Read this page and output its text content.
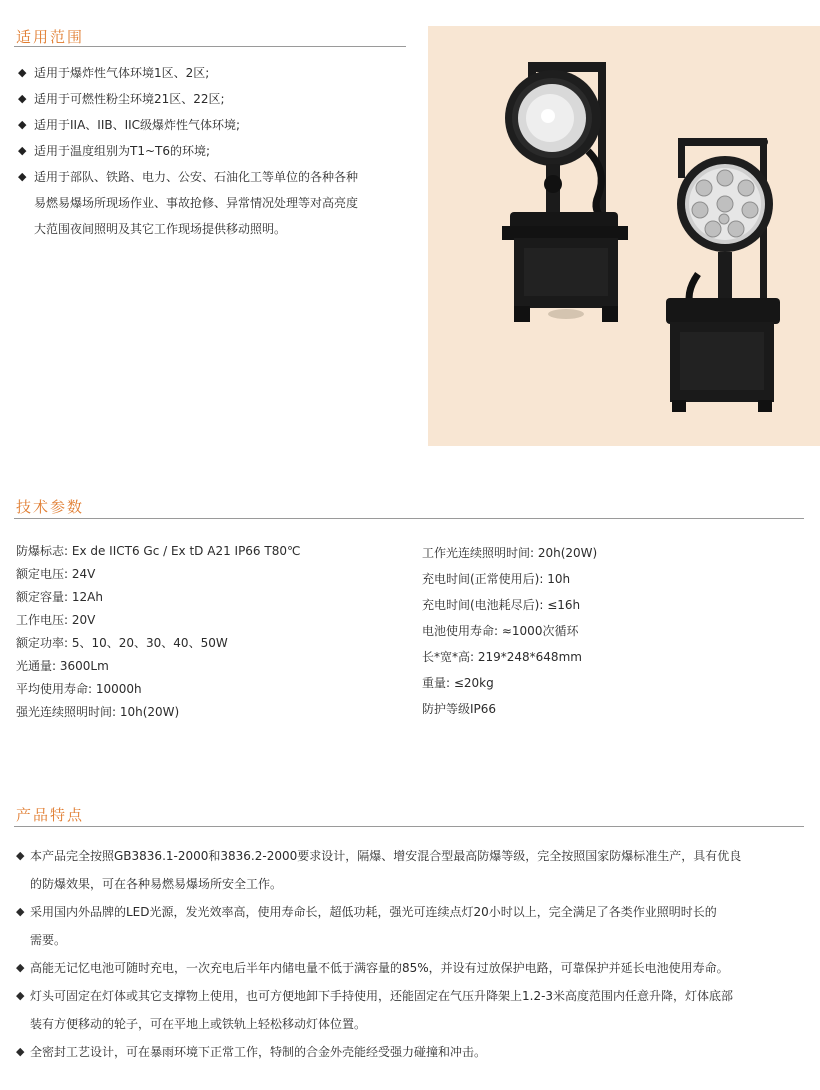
适用范围
◆ 适用于爆炸性气体环境1区、2区;
◆ 适用于可燃性粉尘环境21区、22区;
◆ 适用于IIA、IIB、IIC级爆炸性气体环境;
◆ 适用于温度组别为T1~T6的环境;
◆ 适用于部队、铁路、电力、公安、石油化工等单位的各种各种
易燃易爆场所现场作业、事故抢修、异常情况处理等对高亮度
大范围夜间照明及其它工作现场提供移动照明。
技术参数
防爆标志: Ex de IICT6 Gc / Ex tD A21 IP66 T80℃
额定电压: 24V
额定容量: 12Ah
工作电压: 20V
额定功率: 5、10、20、30、40、50W
光通量: 3600Lm
平均使用寿命: 10000h
强光连续照明时间: 10h(20W)
工作光连续照明时间: 20h(20W)
充电时间(正常使用后): 10h
充电时间(电池耗尽后): ≤16h
电池使用寿命: ≈1000次循环
长*宽*高: 219*248*648mm
重量: ≤20kg
防护等级IP66
产品特点
◆ 本产品完全按照GB3836.1-2000和3836.2-2000要求设计，隔爆、增安混合型最高防爆等级，完全按照国家防爆标准生产，具有优良
的防爆效果，可在各种易燃易爆场所安全工作。
◆ 采用国内外品牌的LED光源，发光效率高，使用寿命长，超低功耗，强光可连续点灯20小时以上，完全满足了各类作业照明时长的
需要。
◆ 高能无记忆电池可随时充电，一次充电后半年内储电量不低于满容量的85%，并设有过放保护电路，可靠保护并延长电池使用寿命。
◆ 灯头可固定在灯体或其它支撑物上使用，也可方便地卸下手持使用，还能固定在气压升降架上1.2-3米高度范围内任意升降，灯体底部
装有方便移动的轮子，可在平地上或铁轨上轻松移动灯体位置。
◆ 全密封工艺设计，可在暴雨环境下正常工作，特制的合金外壳能经受强力碰撞和冲击。
